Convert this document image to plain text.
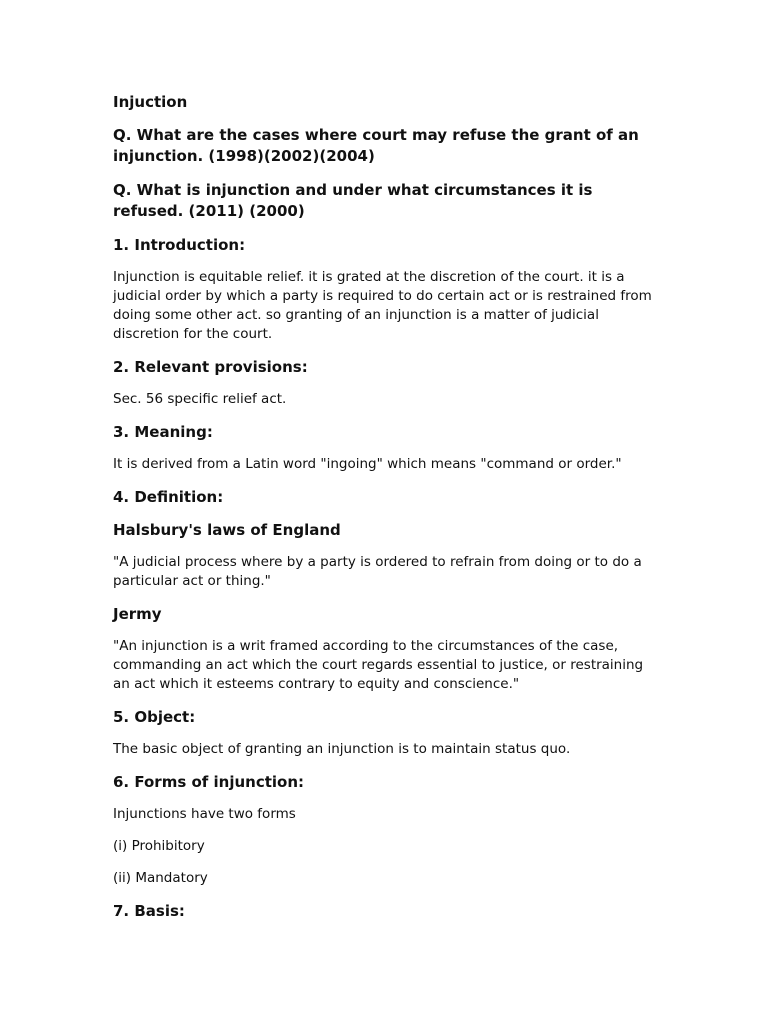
Injuction
Q. What are the cases where court may refuse the grant of an injunction. (1998)(2002)(2004)
Q. What is injunction and under what circumstances it is refused. (2011) (2000)
1. Introduction:
Injunction is equitable relief. it is grated at the discretion of the court. it is a judicial order by which a party is required to do certain act or is restrained from doing some other act. so granting of an injunction is a matter of judicial discretion for the court.
2. Relevant provisions:
Sec. 56 specific relief act.
3. Meaning:
It is derived from a Latin word "ingoing" which means "command or order."
4. Definition:
Halsbury's laws of England
"A judicial process where by a party is ordered to refrain from doing or to do a particular act or thing."
Jermy
"An injunction is a writ framed according to the circumstances of the case, commanding an act which the court regards essential to justice, or restraining an act which it esteems contrary to equity and conscience."
5. Object:
The basic object of granting an injunction is to maintain status quo.
6. Forms of injunction:
Injunctions have two forms
(i) Prohibitory
(ii) Mandatory
7. Basis:
